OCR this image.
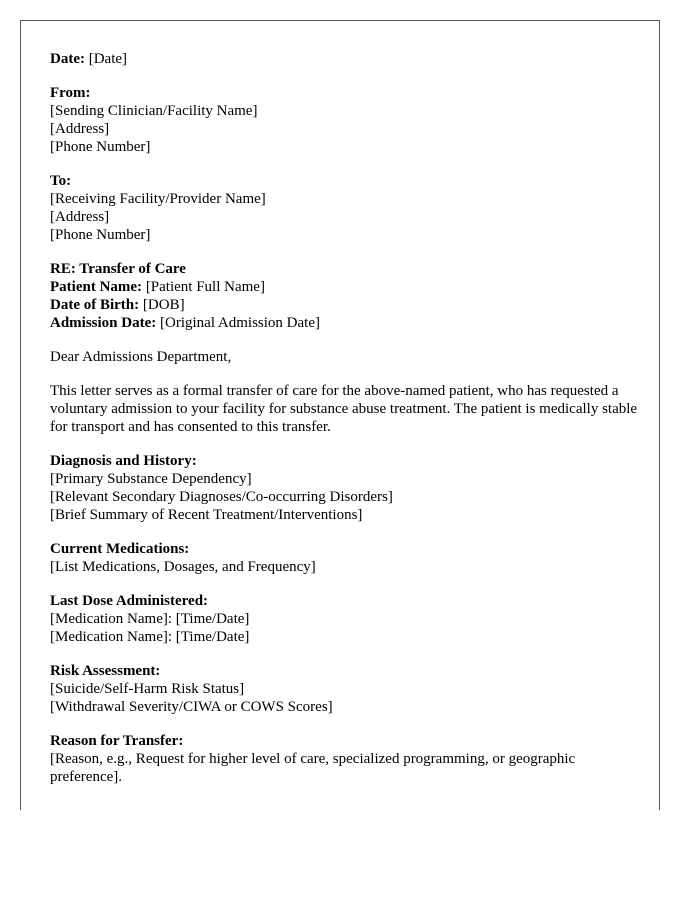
Date: [Date]
From:
[Sending Clinician/Facility Name]
[Address]
[Phone Number]
To:
[Receiving Facility/Provider Name]
[Address]
[Phone Number]
RE: Transfer of Care
Patient Name: [Patient Full Name]
Date of Birth: [DOB]
Admission Date: [Original Admission Date]

Dear Admissions Department,

This letter serves as a formal transfer of care for the above-named patient, who has requested a voluntary admission to your facility for substance abuse treatment. The patient is medically stable for transport and has consented to this transfer.

Diagnosis and History:
[Primary Substance Dependency]
[Relevant Secondary Diagnoses/Co-occurring Disorders]
[Brief Summary of Recent Treatment/Interventions]
Current Medications:
[List Medications, Dosages, and Frequency]
Last Dose Administered:
[Medication Name]: [Time/Date]
[Medication Name]: [Time/Date]
Risk Assessment:
[Suicide/Self-Harm Risk Status]
[Withdrawal Severity/CIWA or COWS Scores]
Reason for Transfer:
[Reason, e.g., Request for higher level of care, specialized programming, or geographic preference].
